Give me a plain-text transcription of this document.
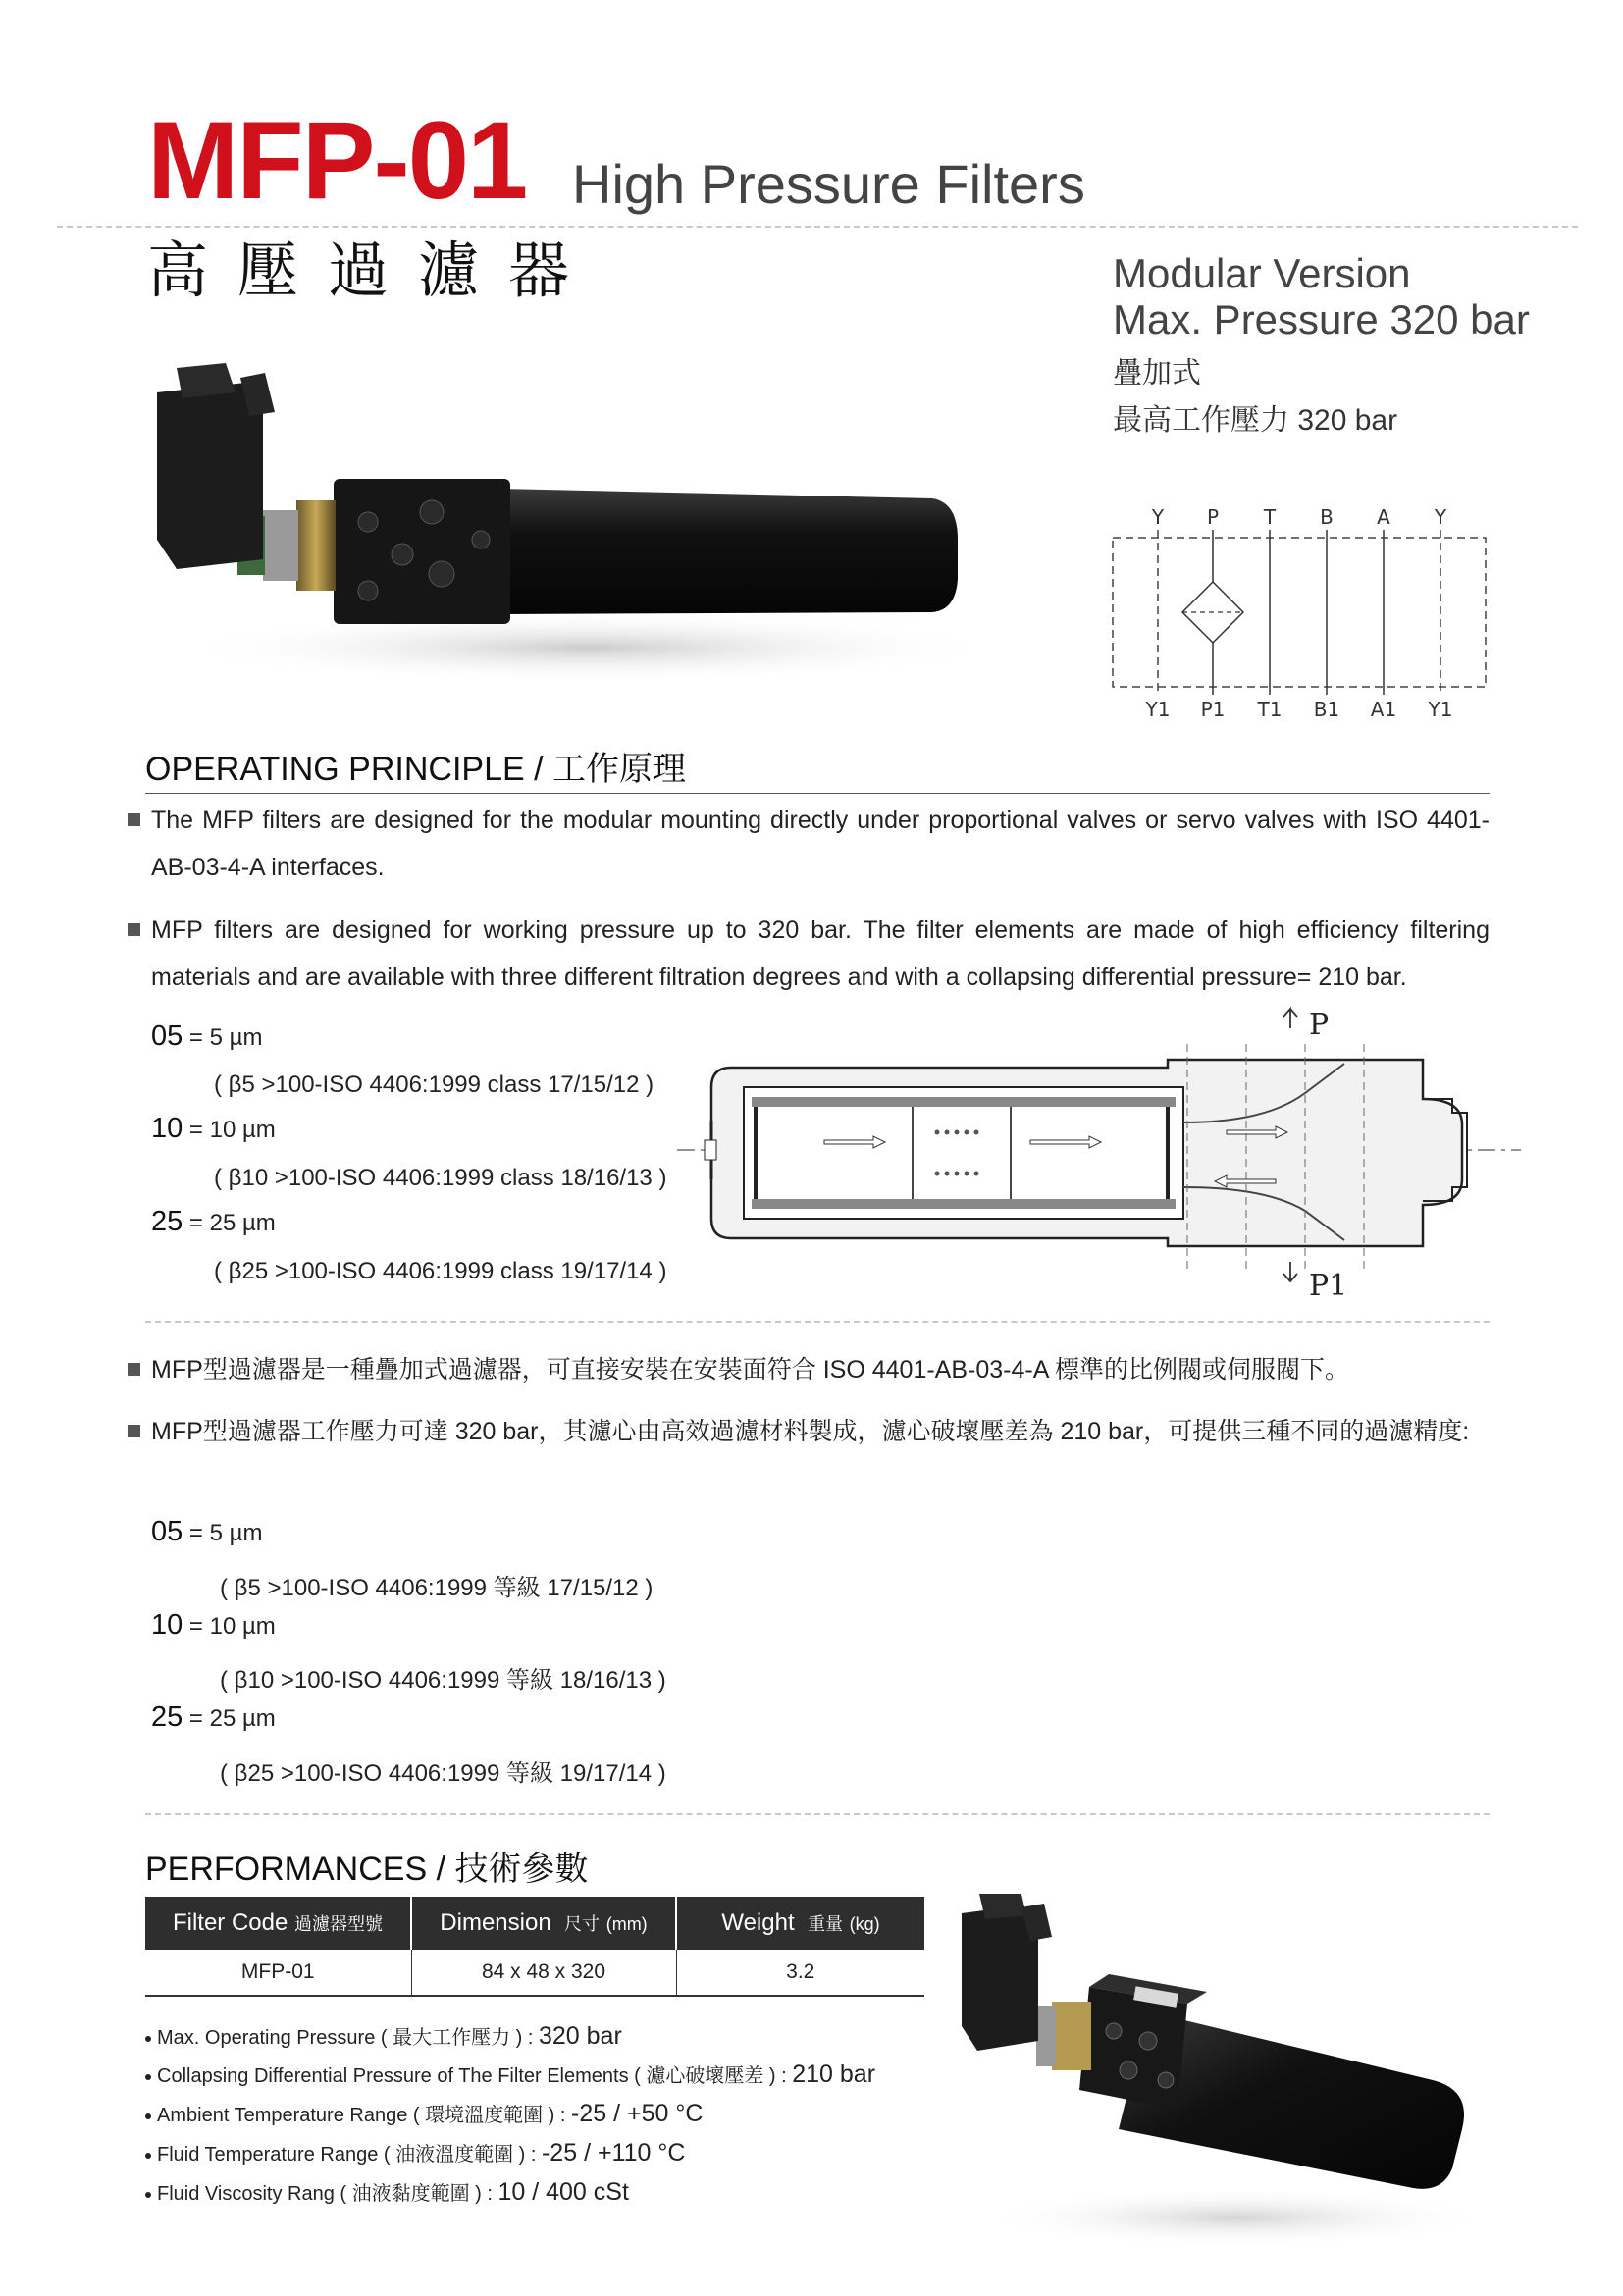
MFP-01 High Pressure Filters
高壓過濾器	Modular Version
Max. Pressure 320 bar
疊加式
最高工作壓力 320 bar
Y P T B A Y
Y1 P1 T1 B1 A1 Y1
OPERATING PRINCIPLE / 工作原理
The MFP filters are designed for the modular mounting directly under proportional valves or servo valves with ISO 4401-AB-03-4-A interfaces.
MFP filters are designed for working pressure up to 320 bar. The filter elements are made of high efficiency filtering materials and are available with three different filtration degrees and with a collapsing differential pressure= 210 bar.
05 = 5 µm
( β5 >100-ISO 4406:1999 class 17/15/12 )
10 = 10 µm
( β10 >100-ISO 4406:1999 class 18/16/13 )
25 = 25 µm
( β25 >100-ISO 4406:1999 class 19/17/14 )
P
P1
MFP型過濾器是一種疊加式過濾器，可直接安裝在安裝面符合 ISO 4401-AB-03-4-A 標準的比例閥或伺服閥下。
MFP型過濾器工作壓力可達 320 bar，其濾心由高效過濾材料製成，濾心破壞壓差為 210 bar，可提供三種不同的過濾精度:
05 = 5 µm
( β5 >100-ISO 4406:1999 等級 17/15/12 )
10 = 10 µm
( β10 >100-ISO 4406:1999 等級 18/16/13 )
25 = 25 µm
( β25 >100-ISO 4406:1999 等級 19/17/14 )
PERFORMANCES / 技術參數
Filter Code 過濾器型號	Dimension 尺寸 (mm)	Weight 重量 (kg)
MFP-01	84 x 48 x 320	3.2
Max. Operating Pressure ( 最大工作壓力 ) : 320 bar
Collapsing Differential Pressure of The Filter Elements ( 濾心破壞壓差 ) : 210 bar
Ambient Temperature Range ( 環境溫度範圍 ) : -25 / +50 °C
Fluid Temperature Range ( 油液溫度範圍 ) : -25 / +110 °C
Fluid Viscosity Rang ( 油液黏度範圍 ) : 10 / 400 cSt
